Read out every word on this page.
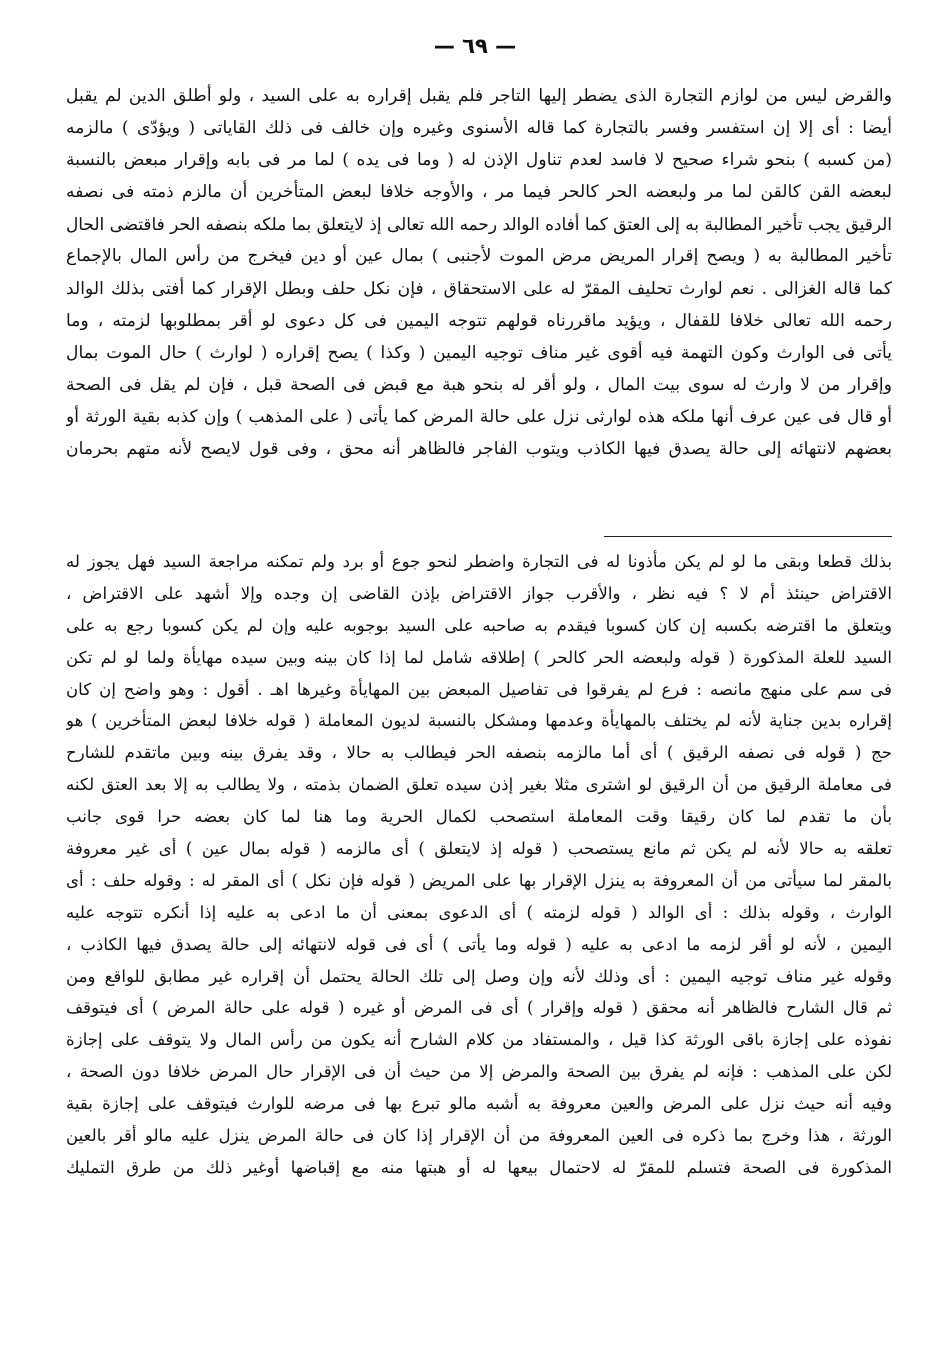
— ٦٩ —
والقرض ليس من لوازم التجارة الذى يضطر إليها التاجر فلم يقبل إقراره به على السيد ، ولو أطلق الدين لم يقبل
أيضا : أى إلا إن استفسر وفسر بالتجارة كما قاله الأسنوى وغيره وإن خالف فى ذلك القاياتى ( ويؤدّى ) مالزمه
(من كسبه ) بنحو شراء صحيح لا فاسد لعدم تناول الإذن له ( وما فى يده ) لما مر فى بابه وإقرار مبعض بالنسبة
لبعضه القن كالقن لما مر ولبعضه الحر كالحر فيما مر ، والأوجه خلافا لبعض المتأخرين أن مالزم ذمته فى نصفه
الرقيق يجب تأخير المطالبة به إلى العتق كما أفاده الوالد رحمه الله تعالى إذ لايتعلق بما ملكه بنصفه الحر فاقتضى الحال
تأخير المطالبة به ( ويصح إقرار المريض مرض الموت لأجنبى ) بمال عين أو دين فيخرج من رأس المال بالإجماع
كما قاله الغزالى . نعم لوارث تحليف المقرّ له على الاستحقاق ، فإن نكل حلف وبطل الإقرار كما أفتى بذلك الوالد
رحمه الله تعالى خلافا للقفال ، ويؤيد ماقررناه قولهم تتوجه اليمين فى كل دعوى لو أقر بمطلوبها لزمته ، وما
يأتى فى الوارث وكون التهمة فيه أقوى غير مناف توجيه اليمين ( وكذا ) يصح إقراره ( لوارث ) حال الموت بمال
وإقرار من لا وارث له سوى بيت المال ، ولو أقر له بنحو هبة مع قبض فى الصحة قبل ، فإن لم يقل فى الصحة
أو قال فى عين عرف أنها ملكه هذه لوارثى نزل على حالة المرض كما يأتى ( على المذهب ) وإن كذبه بقية الورثة أو
بعضهم لانتهائه إلى حالة يصدق فيها الكاذب ويتوب الفاجر فالظاهر أنه محق ، وفى قول لايصح لأنه متهم بحرمان
بذلك قطعا وبقى ما لو لم يكن مأذونا له فى التجارة واضطر لنحو جوع أو برد ولم تمكنه مراجعة السيد فهل يجوز له
الاقتراض حينئذ أم لا ؟ فيه نظر ، والأقرب جواز الاقتراض بإذن القاضى إن وجده وإلا أشهد على الاقتراض ،
ويتعلق ما اقترضه بكسبه إن كان كسوبا فيقدم به صاحبه على السيد بوجوبه عليه وإن لم يكن كسوبا رجع به على
السيد للعلة المذكورة ( قوله ولبعضه الحر كالحر ) إطلاقه شامل لما إذا كان بينه وبين سيده مهايأة ولما لو لم تكن
فى سم على منهج مانصه : فرع لم يفرقوا فى تفاصيل المبعض بين المهايأة وغيرها اهـ . أقول : وهو واضح إن كان
إقراره بدين جناية لأنه لم يختلف بالمهايأة وعدمها ومشكل بالنسبة لديون المعاملة ( قوله خلافا لبعض المتأخرين ) هو
حج ( قوله فى نصفه الرقيق ) أى أما مالزمه بنصفه الحر فيطالب به حالا ، وقد يفرق بينه وبين ماتقدم للشارح
فى معاملة الرقيق من أن الرقيق لو اشترى مثلا بغير إذن سيده تعلق الضمان بذمته ، ولا يطالب به إلا بعد العتق لكنه
بأن ما تقدم لما كان رقيقا وقت المعاملة استصحب لكمال الحرية وما هنا لما كان بعضه حرا قوى جانب
تعلقه به حالا لأنه لم يكن ثم مانع يستصحب ( قوله إذ لايتعلق ) أى مالزمه ( قوله بمال عين ) أى غير معروفة
بالمقر لما سيأتى من أن المعروفة به ينزل الإقرار بها على المريض ( قوله فإن نكل ) أى المقر له : وقوله حلف : أى
الوارث ، وقوله بذلك : أى الوالد ( قوله لزمته ) أى الدعوى بمعنى أن ما ادعى به عليه إذا أنكره تتوجه عليه
اليمين ، لأنه لو أقر لزمه ما ادعى به عليه ( قوله وما يأتى ) أى فى قوله لانتهائه إلى حالة يصدق فيها الكاذب ،
وقوله غير مناف توجيه اليمين : أى وذلك لأنه وإن وصل إلى تلك الحالة يحتمل أن إقراره غير مطابق للواقع ومن
ثم قال الشارح فالظاهر أنه محقق ( قوله وإقرار ) أى فى المرض أو غيره ( قوله على حالة المرض ) أى فيتوقف
نفوذه على إجازة باقى الورثة كذا قيل ، والمستفاد من كلام الشارح أنه يكون من رأس المال ولا يتوقف على إجازة
لكن على المذهب : فإنه لم يفرق بين الصحة والمرض إلا من حيث أن فى الإقرار حال المرض خلافا دون الصحة ،
وفيه أنه حيث نزل على المرض والعين معروفة به أشبه مالو تبرع بها فى مرضه للوارث فيتوقف على إجازة بقية
الورثة ، هذا وخرج بما ذكره فى العين المعروفة من أن الإقرار إذا كان فى حالة المرض ينزل عليه مالو أقر بالعين
المذكورة فى الصحة فتسلم للمقرّ له لاحتمال بيعها له أو هبتها منه مع إقباضها أوغير ذلك من طرق التمليك
